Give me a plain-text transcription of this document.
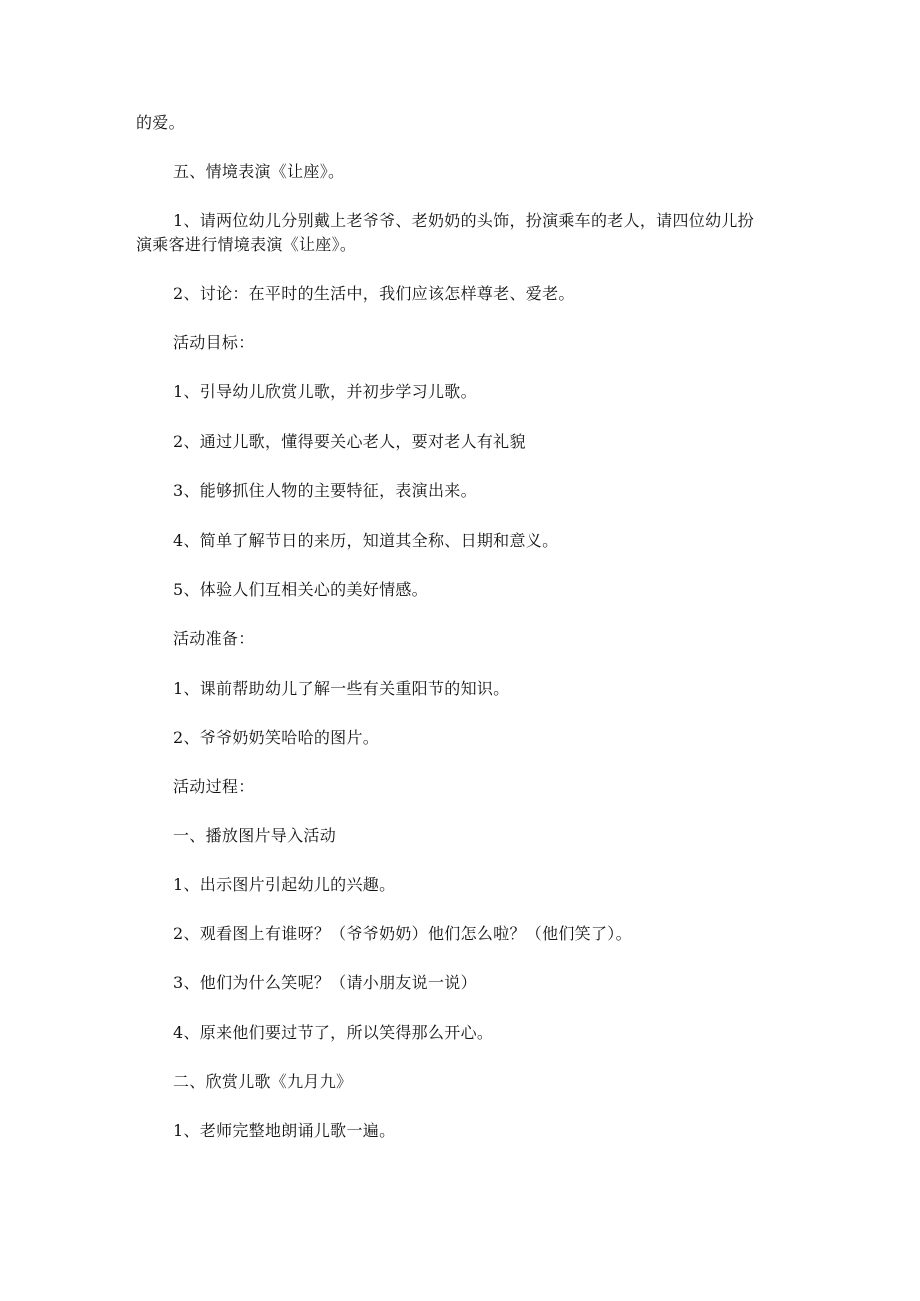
的爱。
五、情境表演《让座》。
1、请两位幼儿分别戴上老爷爷、老奶奶的头饰，扮演乘车的老人，请四位幼儿扮
演乘客进行情境表演《让座》。
2、讨论：在平时的生活中，我们应该怎样尊老、爱老。
活动目标：
1、引导幼儿欣赏儿歌，并初步学习儿歌。
2、通过儿歌，懂得要关心老人，要对老人有礼貌
3、能够抓住人物的主要特征，表演出来。
4、简单了解节日的来历，知道其全称、日期和意义。
5、体验人们互相关心的美好情感。
活动准备：
1、课前帮助幼儿了解一些有关重阳节的知识。
2、爷爷奶奶笑哈哈的图片。
活动过程：
一、播放图片导入活动
1、出示图片引起幼儿的兴趣。
2、观看图上有谁呀？（爷爷奶奶）他们怎么啦？（他们笑了）。
3、他们为什么笑呢？（请小朋友说一说）
4、原来他们要过节了，所以笑得那么开心。
二、欣赏儿歌《九月九》
1、老师完整地朗诵儿歌一遍。
